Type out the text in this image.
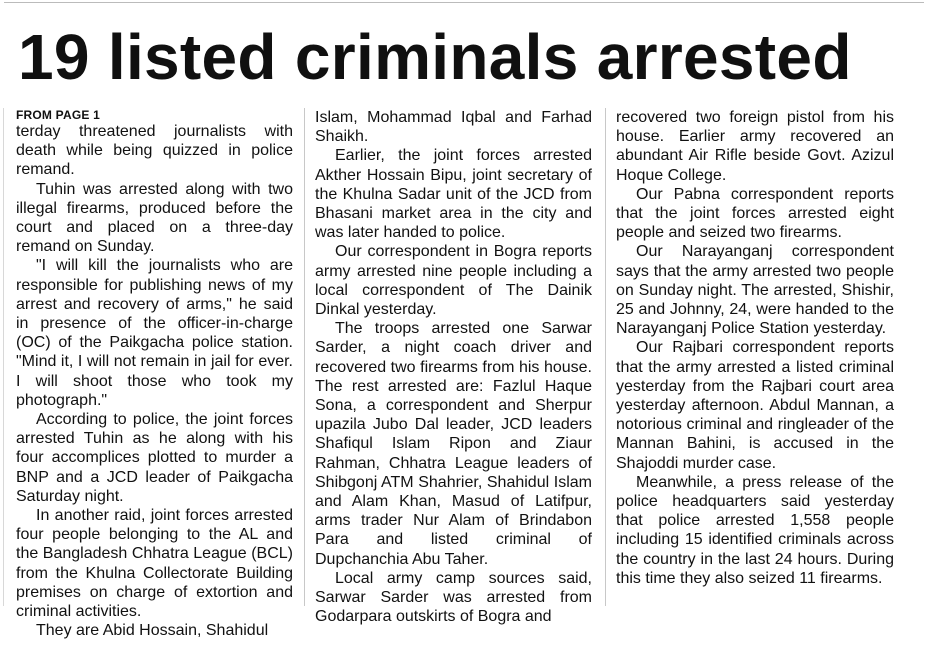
19 listed criminals arrested
FROM PAGE 1

terday threatened journalists with death while being quizzed in police remand.

Tuhin was arrested along with two illegal firearms, produced before the court and placed on a three-day remand on Sunday.

"I will kill the journalists who are responsible for publishing news of my arrest and recovery of arms," he said in presence of the officer-in-charge (OC) of the Paikgacha police station. "Mind it, I will not remain in jail for ever. I will shoot those who took my photograph."

According to police, the joint forces arrested Tuhin as he along with his four accomplices plotted to murder a BNP and a JCD leader of Paikgacha Saturday night.

In another raid, joint forces arrested four people belonging to the AL and the Bangladesh Chhatra League (BCL) from the Khulna Collectorate Building premises on charge of extortion and criminal activities.

They are Abid Hossain, Shahidul

Islam, Mohammad Iqbal and Farhad Shaikh.

Earlier, the joint forces arrested Akther Hossain Bipu, joint secretary of the Khulna Sadar unit of the JCD from Bhasani market area in the city and was later handed to police.

Our correspondent in Bogra reports army arrested nine people including a local correspondent of The Dainik Dinkal yesterday.

The troops arrested one Sarwar Sarder, a night coach driver and recovered two firearms from his house. The rest arrested are: Fazlul Haque Sona, a correspondent and Sherpur upazila Jubo Dal leader, JCD leaders Shafiqul Islam Ripon and Ziaur Rahman, Chhatra League leaders of Shibgonj ATM Shahrier, Shahidul Islam and Alam Khan, Masud of Latifpur, arms trader Nur Alam of Brindabon Para and listed criminal of Dupchanchia Abu Taher.

Local army camp sources said, Sarwar Sarder was arrested from Godarpara outskirts of Bogra and

recovered two foreign pistol from his house. Earlier army recovered an abundant Air Rifle beside Govt. Azizul Hoque College.

Our Pabna correspondent reports that the joint forces arrested eight people and seized two firearms.

Our Narayanganj correspondent says that the army arrested two people on Sunday night. The arrested, Shishir, 25 and Johnny, 24, were handed to the Narayanganj Police Station yesterday.

Our Rajbari correspondent reports that the army arrested a listed criminal yesterday from the Rajbari court area yesterday afternoon. Abdul Mannan, a notorious criminal and ringleader of the Mannan Bahini, is accused in the Shajoddi murder case.

Meanwhile, a press release of the police headquarters said yesterday that police arrested 1,558 people including 15 identified criminals across the country in the last 24 hours. During this time they also seized 11 firearms.
